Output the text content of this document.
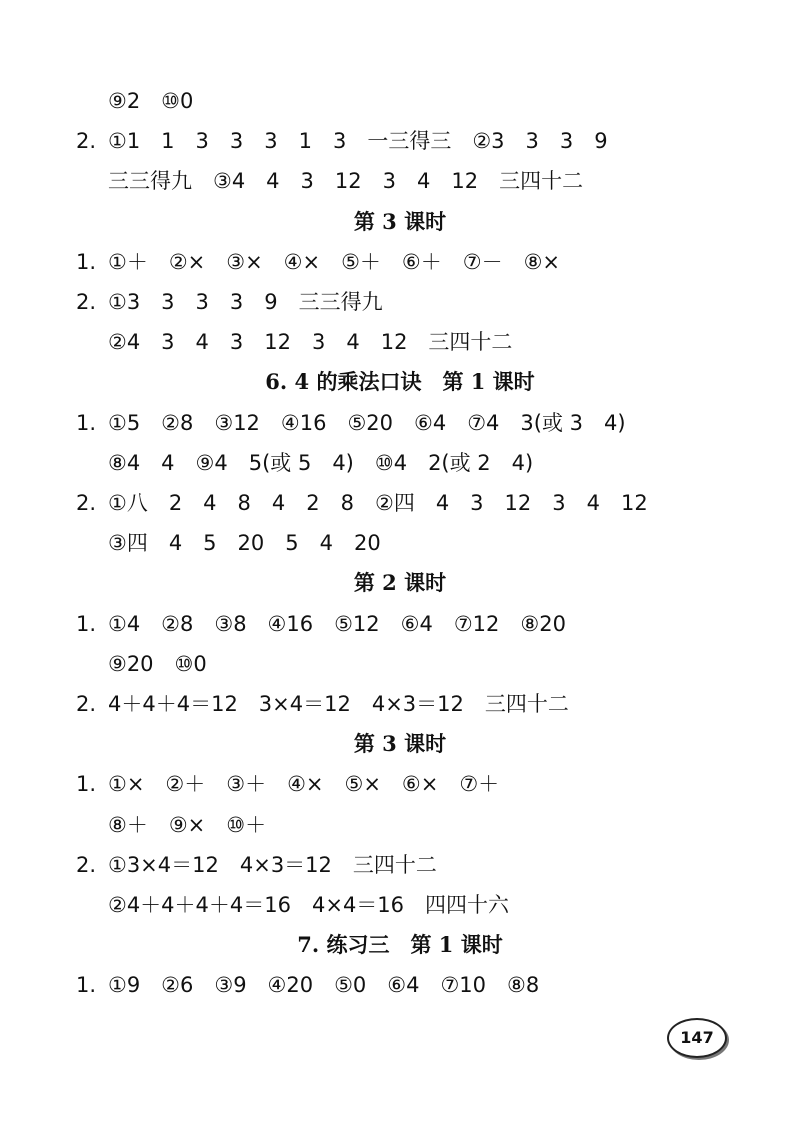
⑨2　⑩0
2. ①1　1　3　3　3　1　3　一三得三　②3　3　3　9
三三得九　③4　4　3　12　3　4　12　三四十二
第 3 课时
1. ①＋　②×　③×　④×　⑤＋　⑥＋　⑦－　⑧×
2. ①3　3　3　3　9　三三得九
②4　3　4　3　12　3　4　12　三四十二
6. 4 的乘法口诀　第 1 课时
1. ①5　②8　③12　④16　⑤20　⑥4　⑦4　3(或 3　4)
⑧4　4　⑨4　5(或 5　4)　⑩4　2(或 2　4)
2. ①八　2　4　8　4　2　8　②四　4　3　12　3　4　12
③四　4　5　20　5　4　20
第 2 课时
1. ①4　②8　③8　④16　⑤12　⑥4　⑦12　⑧20
⑨20　⑩0
2. 4＋4＋4＝12　3×4＝12　4×3＝12　三四十二
第 3 课时
1. ①×　②＋　③＋　④×　⑤×　⑥×　⑦＋
⑧＋　⑨×　⑩＋
2. ①3×4＝12　4×3＝12　三四十二
②4＋4＋4＋4＝16　4×4＝16　四四十六
7. 练习三　第 1 课时
1. ①9　②6　③9　④20　⑤0　⑥4　⑦10　⑧8
147
